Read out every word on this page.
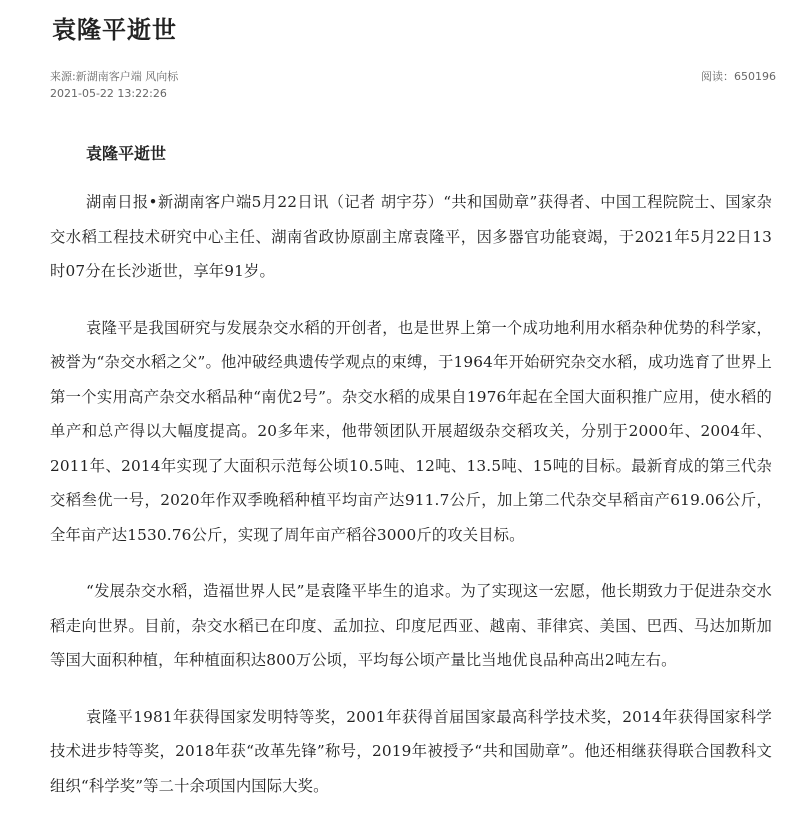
袁隆平逝世
来源:新湖南客户端 风向标
2021-05-22 13:22:26
阅读：650196
袁隆平逝世

湖南日报•新湖南客户端5月22日讯（记者 胡宇芬）“共和国勋章”获得者、中国工程院院士、国家杂交水稻工程技术研究中心主任、湖南省政协原副主席袁隆平，因多器官功能衰竭，于2021年5月22日13时07分在长沙逝世，享年91岁。

袁隆平是我国研究与发展杂交水稻的开创者，也是世界上第一个成功地利用水稻杂种优势的科学家，被誉为“杂交水稻之父”。他冲破经典遗传学观点的束缚，于1964年开始研究杂交水稻，成功选育了世界上第一个实用高产杂交水稻品种“南优2号”。杂交水稻的成果自1976年起在全国大面积推广应用，使水稻的单产和总产得以大幅度提高。20多年来，他带领团队开展超级杂交稻攻关，分别于2000年、2004年、2011年、2014年实现了大面积示范每公顷10.5吨、12吨、13.5吨、15吨的目标。最新育成的第三代杂交稻叁优一号，2020年作双季晚稻种植平均亩产达911.7公斤，加上第二代杂交早稻亩产619.06公斤，全年亩产达1530.76公斤，实现了周年亩产稻谷3000斤的攻关目标。

“发展杂交水稻，造福世界人民”是袁隆平毕生的追求。为了实现这一宏愿，他长期致力于促进杂交水稻走向世界。目前，杂交水稻已在印度、孟加拉、印度尼西亚、越南、菲律宾、美国、巴西、马达加斯加等国大面积种植，年种植面积达800万公顷，平均每公顷产量比当地优良品种高出2吨左右。

袁隆平1981年获得国家发明特等奖，2001年获得首届国家最高科学技术奖，2014年获得国家科学技术进步特等奖，2018年获“改革先锋”称号，2019年被授予“共和国勋章”。他还相继获得联合国教科文组织“科学奖”等二十余项国内国际大奖。
